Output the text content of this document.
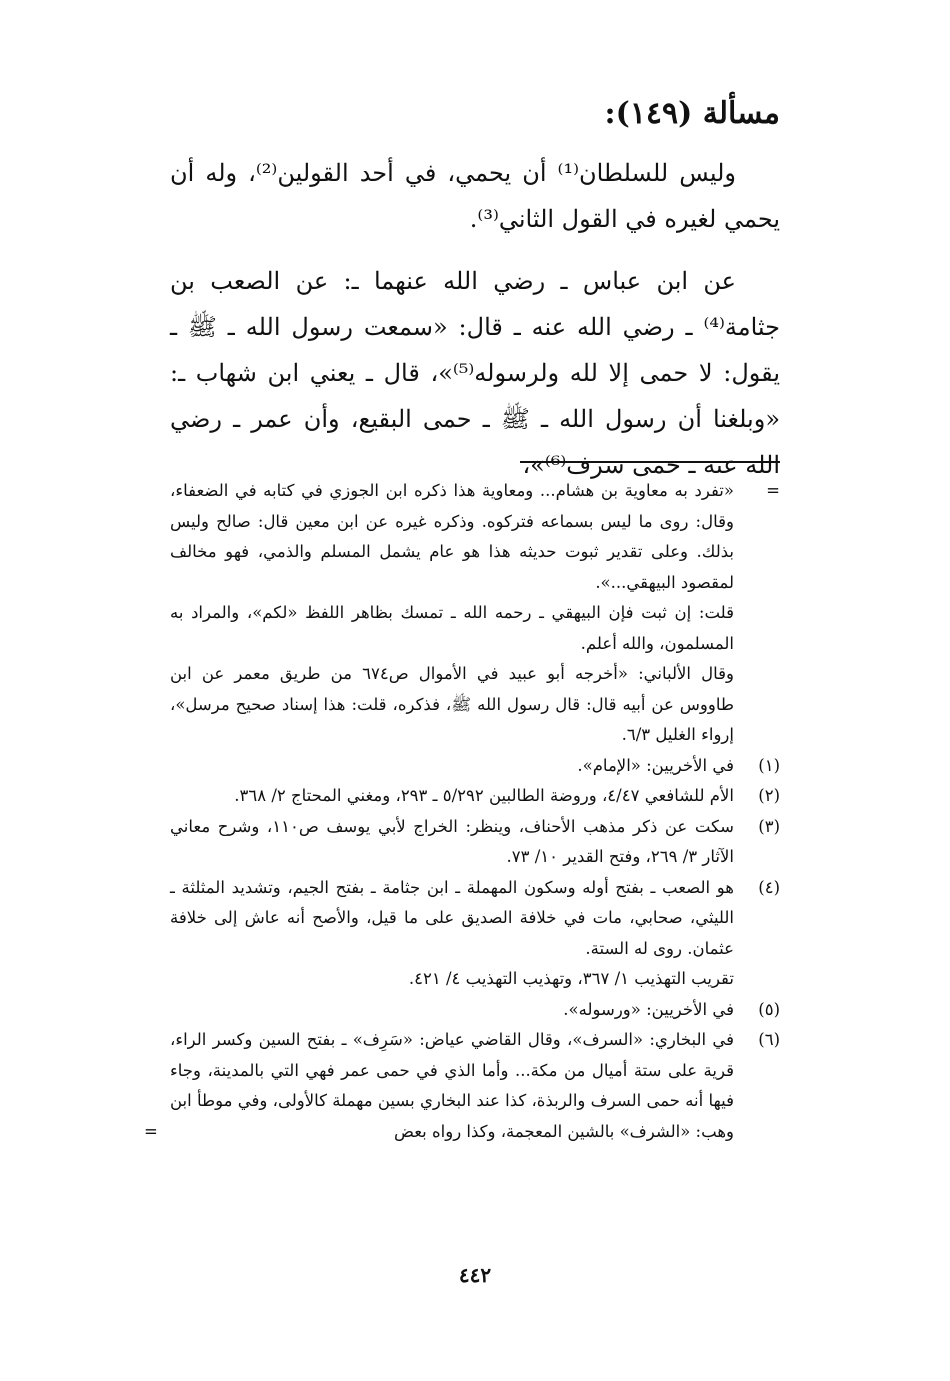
مسألة (١٤٩):

وليس للسلطان⁽¹⁾ أن يحمي، في أحد القولين⁽²⁾، وله أن يحمي لغيره في القول الثاني⁽³⁾.

عن ابن عباس ـ رضي الله عنهما ـ: عن الصعب بن جثامة⁽⁴⁾ ـ رضي الله عنه ـ قال: «سمعت رسول الله ـ ﷺ ـ يقول: لا حمى إلا لله ولرسوله⁽⁵⁾»، قال ـ يعني ابن شهاب ـ: «وبلغنا أن رسول الله ـ ﷺ ـ حمى البقيع، وأن عمر ـ رضي الله عنه ـ حمى سرف⁽⁶⁾»،

=

«تفرد به معاوية بن هشام... ومعاوية هذا ذكره ابن الجوزي في كتابه في الضعفاء، وقال: روى ما ليس بسماعه فتركوه. وذكره غيره عن ابن معين قال: صالح وليس بذلك. وعلى تقدير ثبوت حديثه هذا هو عام يشمل المسلم والذمي، فهو مخالف لمقصود البيهقي...».

قلت: إن ثبت فإن البيهقي ـ رحمه الله ـ تمسك بظاهر اللفظ «لكم»، والمراد به المسلمون، والله أعلم.

وقال الألباني: «أخرجه أبو عبيد في الأموال ص٦٧٤ من طريق معمر عن ابن طاووس عن أبيه قال: قال رسول الله ﷺ، فذكره، قلت: هذا إسناد صحيح مرسل»، إرواء الغليل ٦/٣.

(١)

في الأخريين: «الإمام».

(٢)

الأم للشافعي ٤/٤٧، وروضة الطالبين ٥/٢٩٢ ـ ٢٩٣، ومغني المحتاج ٢/ ٣٦٨.

(٣)

سكت عن ذكر مذهب الأحناف، وينظر: الخراج لأبي يوسف ص١١٠، وشرح معاني الآثار ٣/ ٢٦٩، وفتح القدير ١٠/ ٧٣.

(٤)

هو الصعب ـ بفتح أوله وسكون المهملة ـ ابن جثامة ـ بفتح الجيم، وتشديد المثلثة ـ الليثي، صحابي، مات في خلافة الصديق على ما قيل، والأصح أنه عاش إلى خلافة عثمان. روى له الستة.

تقريب التهذيب ١/ ٣٦٧، وتهذيب التهذيب ٤/ ٤٢١.

(٥)

في الأخريين: «ورسوله».

(٦)

في البخاري: «السرف»، وقال القاضي عياض: «سَرِف» ـ بفتح السين وكسر الراء، قرية على ستة أميال من مكة... وأما الذي في حمى عمر فهي التي بالمدينة، وجاء فيها أنه حمى السرف والربذة، كذا عند البخاري بسين مهملة كالأولى، وفي موطأ ابن وهب: «الشرف» بالشين المعجمة، وكذا رواه بعض

=
٤٤٢
